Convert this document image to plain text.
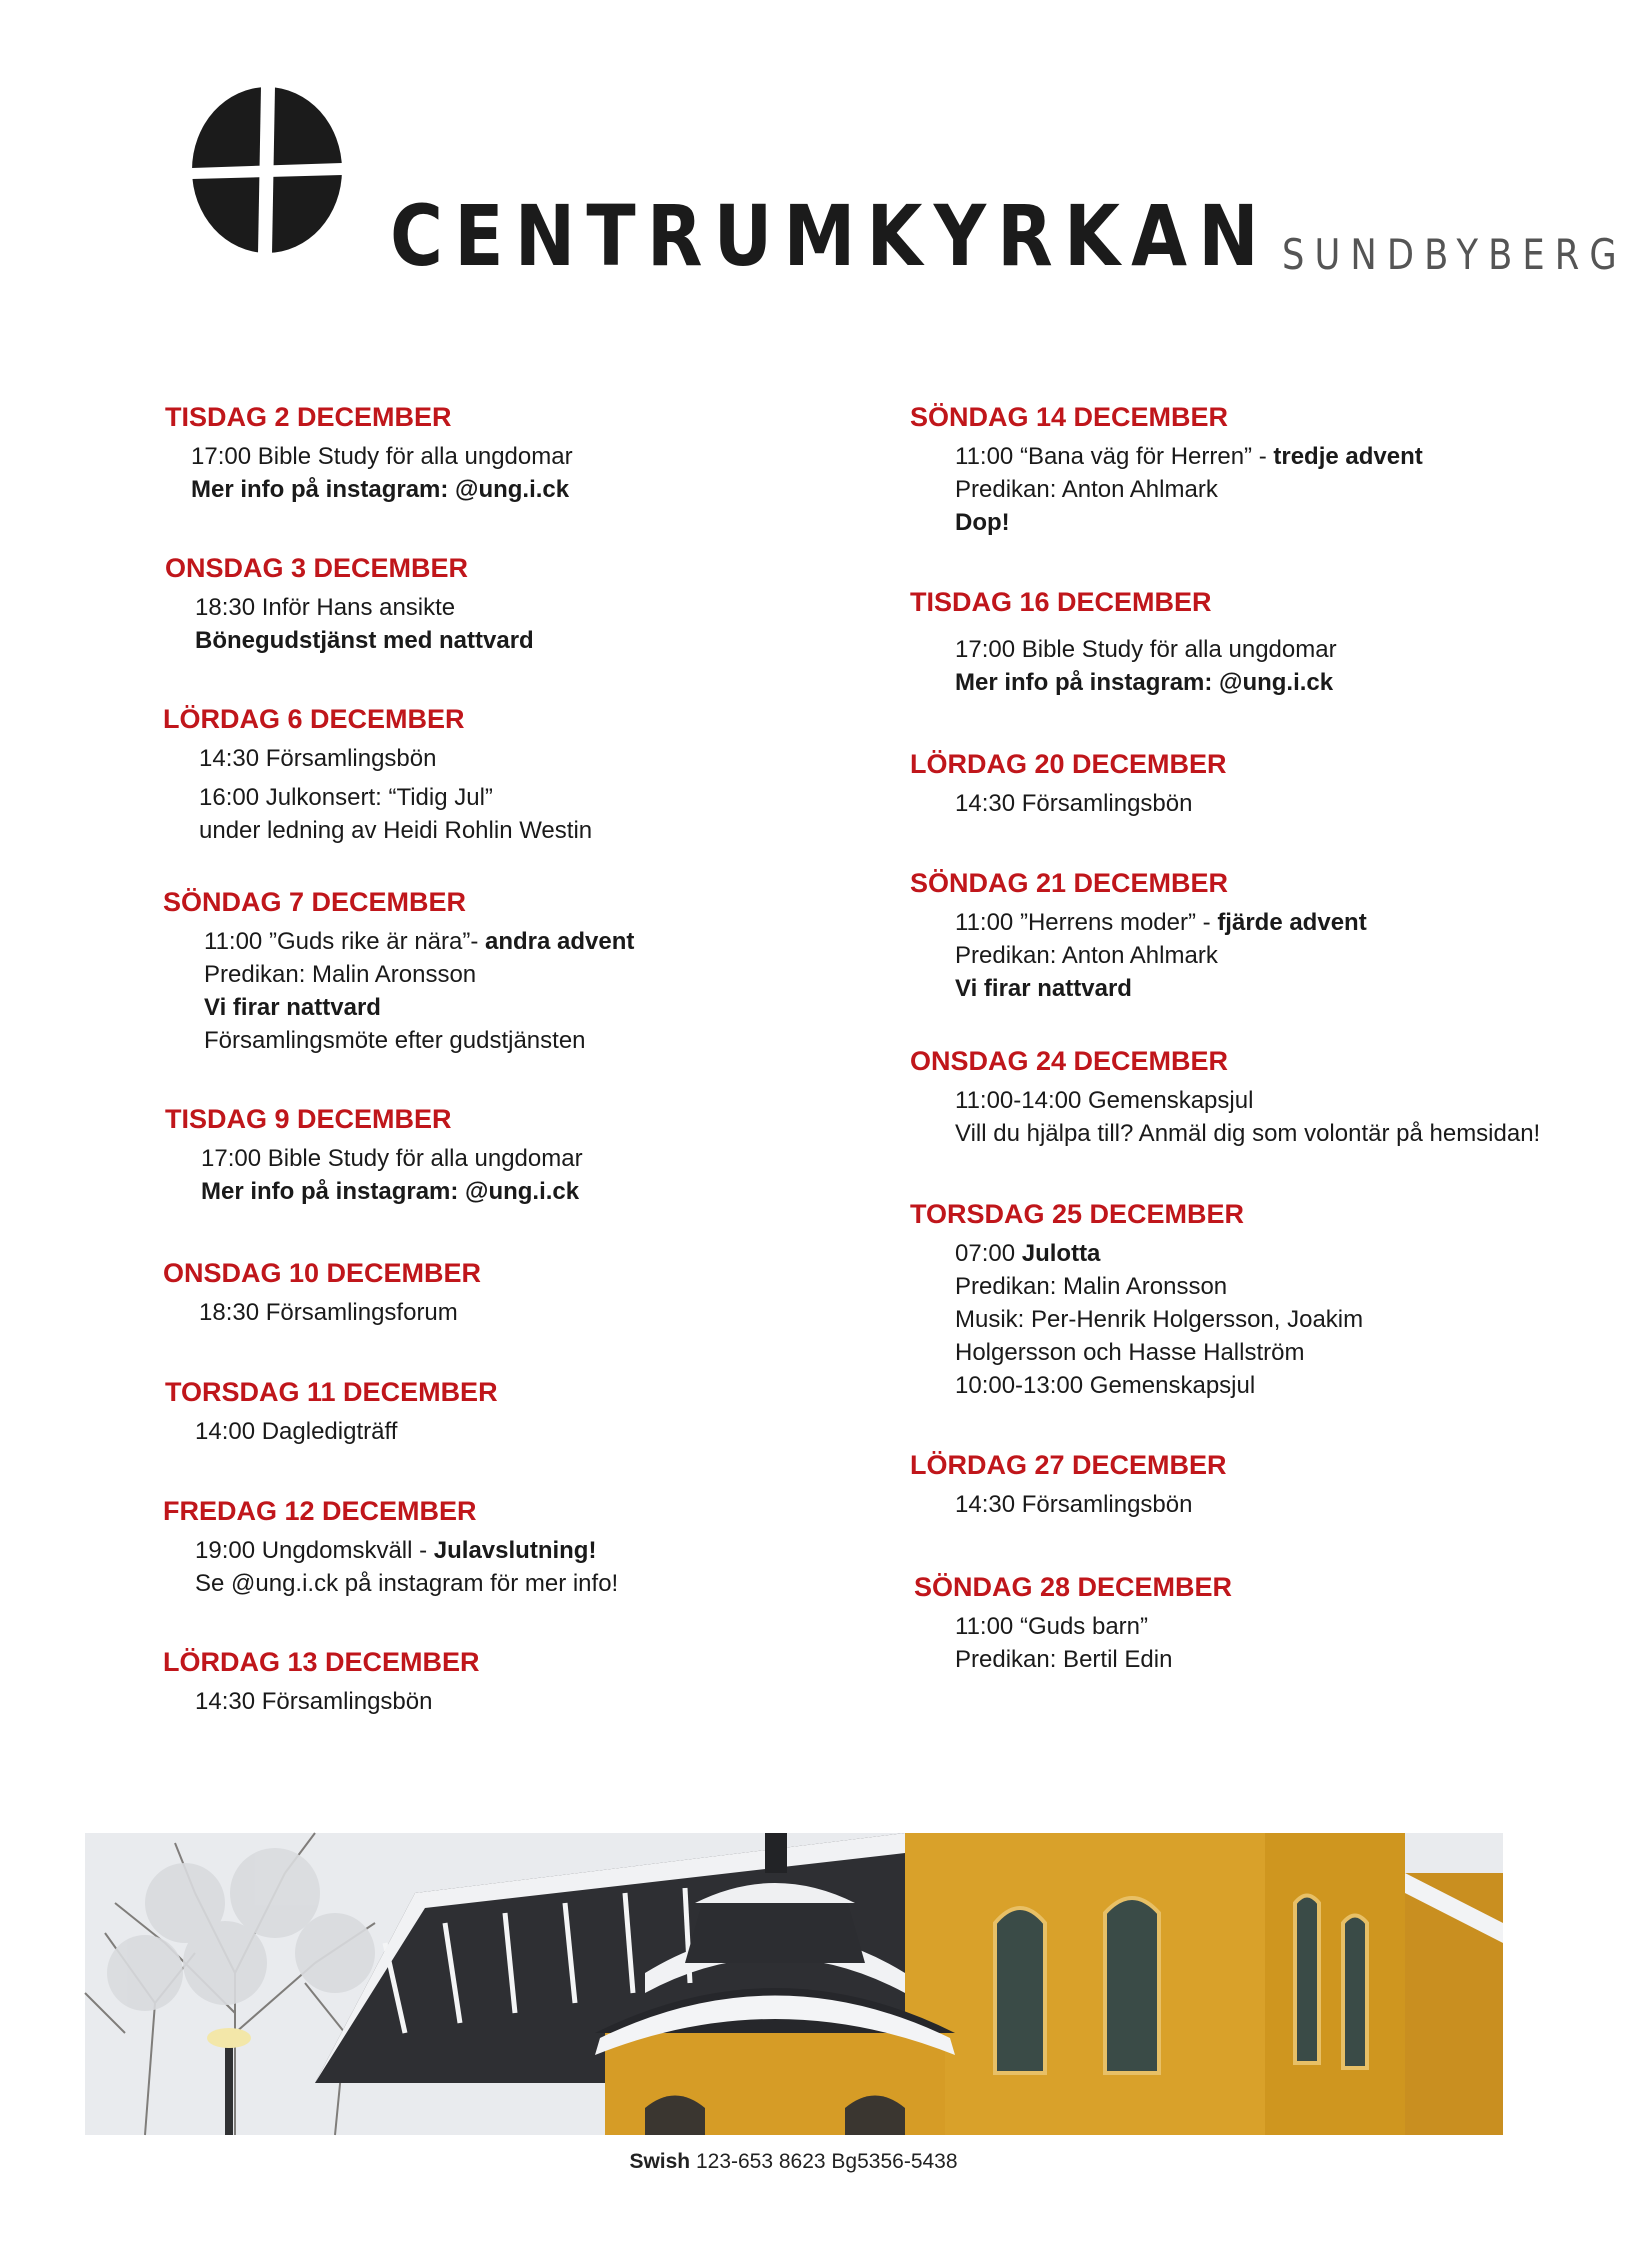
CENTRUMKYRKAN SUNDBYBERG
TISDAG 2 DECEMBER
17:00 Bible Study för alla ungdomar
Mer info på instagram: @ung.i.ck
ONSDAG 3 DECEMBER
18:30 Inför Hans ansikte
Bönegudstjänst med nattvard
LÖRDAG 6 DECEMBER
14:30 Församlingsbön
16:00 Julkonsert: “Tidig Jul”
under ledning av Heidi Rohlin Westin
SÖNDAG 7 DECEMBER
11:00 ”Guds rike är nära”- andra advent
Predikan: Malin Aronsson
Vi firar nattvard
Församlingsmöte efter gudstjänsten
TISDAG 9 DECEMBER
17:00 Bible Study för alla ungdomar
Mer info på instagram: @ung.i.ck
ONSDAG 10 DECEMBER
18:30 Församlingsforum
TORSDAG 11 DECEMBER
14:00 Dagledigträff
FREDAG 12 DECEMBER
19:00 Ungdomskväll - Julavslutning!
Se @ung.i.ck på instagram för mer info!
LÖRDAG 13 DECEMBER
14:30 Församlingsbön
SÖNDAG 14 DECEMBER
11:00 “Bana väg för Herren” - tredje advent
Predikan: Anton Ahlmark
Dop!
TISDAG 16 DECEMBER
17:00 Bible Study för alla ungdomar
Mer info på instagram: @ung.i.ck
LÖRDAG 20 DECEMBER
14:30 Församlingsbön
SÖNDAG 21 DECEMBER
11:00 ”Herrens moder” - fjärde advent
Predikan: Anton Ahlmark
Vi firar nattvard
ONSDAG 24 DECEMBER
11:00-14:00 Gemenskapsjul
Vill du hjälpa till? Anmäl dig som volontär på hemsidan!
TORSDAG 25 DECEMBER
07:00 Julotta
Predikan: Malin Aronsson
Musik: Per-Henrik Holgersson, Joakim
Holgersson och Hasse Hallström
10:00-13:00 Gemenskapsjul
LÖRDAG 27 DECEMBER
14:30 Församlingsbön
SÖNDAG 28 DECEMBER
11:00 “Guds barn”
Predikan: Bertil Edin
Swish 123-653 8623 Bg5356-5438
